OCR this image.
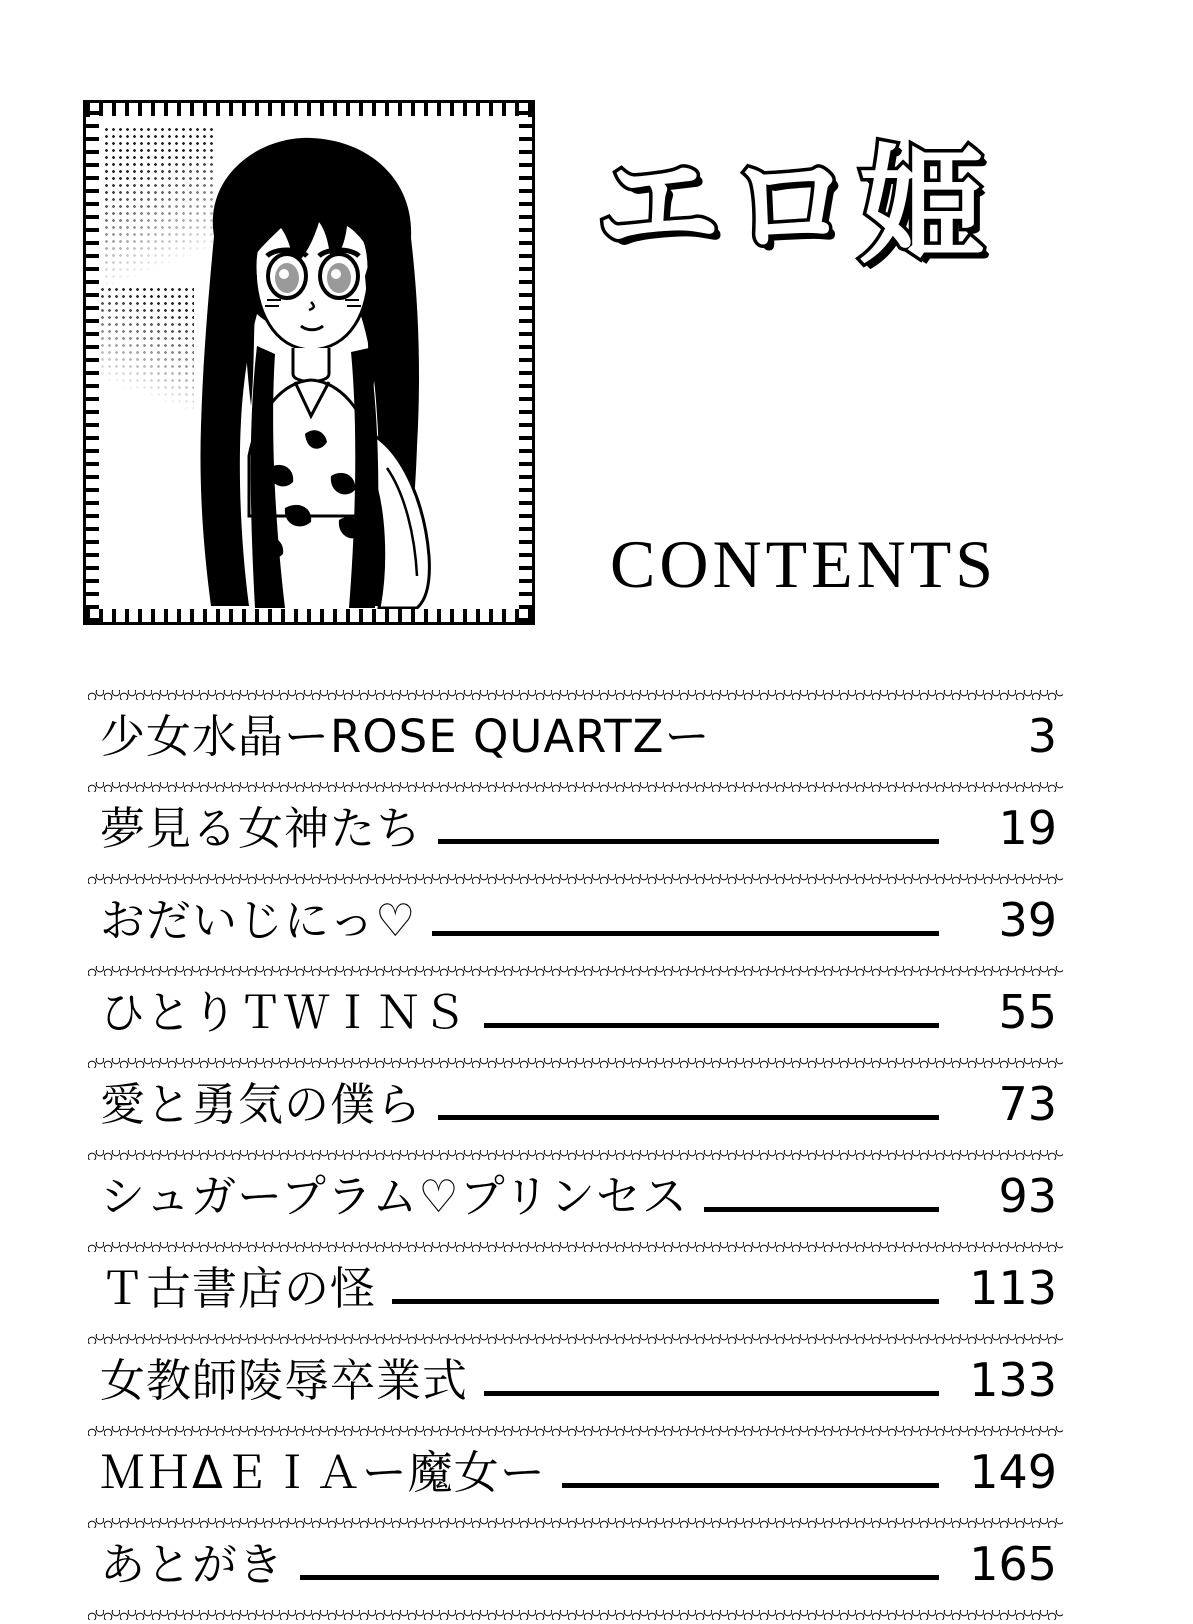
エロ姫
CONTENTS
少女水晶ーROSE QUARTZー	3
夢見る女神たち	19
おだいじにっ♡	39
ひとりＴＷＩＮＳ	55
愛と勇気の僕ら	73
シュガープラム♡プリンセス	93
Ｔ古書店の怪	113
女教師陵辱卒業式	133
ＭＨΔＥＩＡー魔女ー	149
あとがき	165
